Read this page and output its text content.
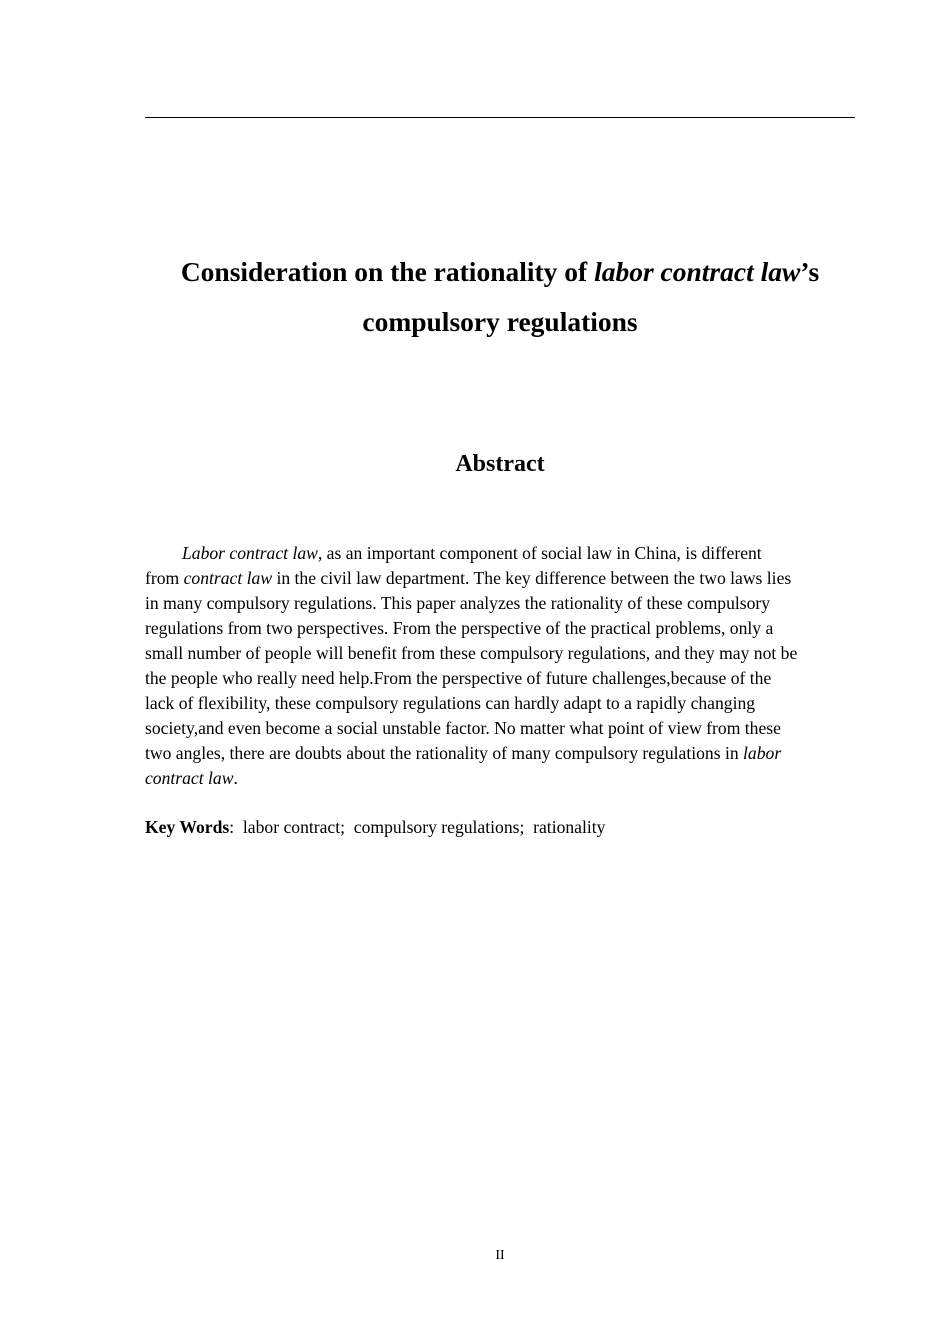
Consideration on the rationality of labor contract law’s
compulsory regulations
Abstract
Labor contract law, as an important component of social law in China, is different
from contract law in the civil law department. The key difference between the two laws lies
in many compulsory regulations. This paper analyzes the rationality of these compulsory
regulations from two perspectives. From the perspective of the practical problems, only a
small number of people will benefit from these compulsory regulations, and they may not be
the people who really need help.From the perspective of future challenges,because of the
lack of flexibility, these compulsory regulations can hardly adapt to a rapidly changing
society,and even become a social unstable factor. No matter what point of view from these
two angles, there are doubts about the rationality of many compulsory regulations in labor
contract law.
Key Words:  labor contract;  compulsory regulations;  rationality
II
